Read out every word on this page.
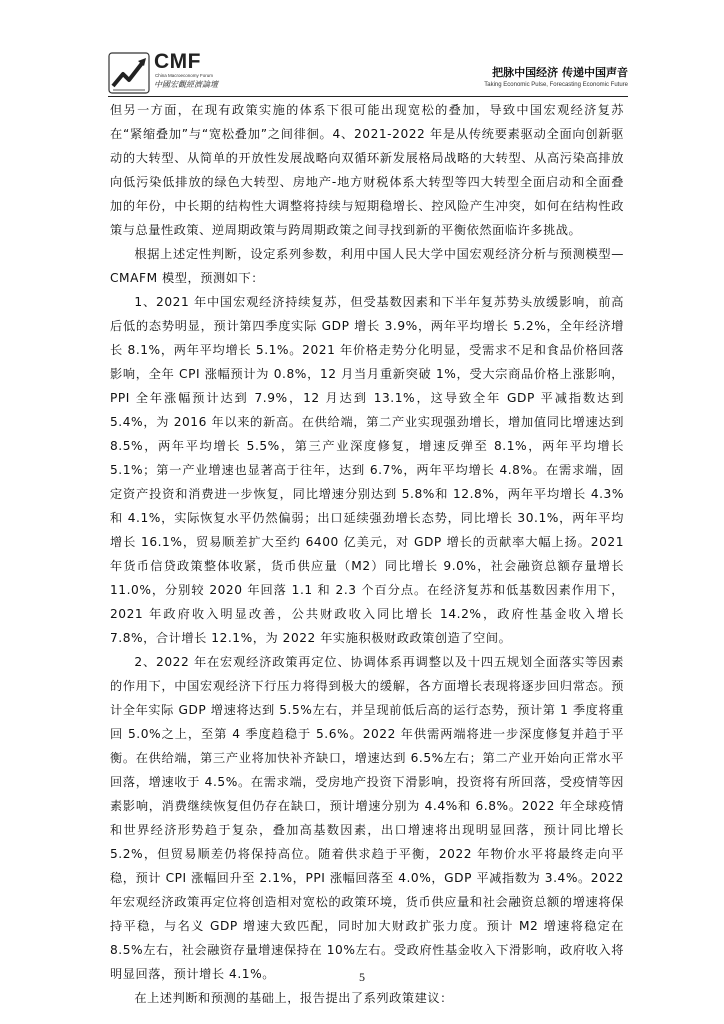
CMF
China Macroeconomy Forum
中國宏觀經濟論壇
把脉中国经济 传递中国声音
Taking Economic Pulse, Forecasting Economic Future

但另一方面，在现有政策实施的体系下很可能出现宽松的叠加，导致中国宏观经济复苏在“紧缩叠加”与“宽松叠加”之间徘徊。4、2021-2022 年是从传统要素驱动全面向创新驱动的大转型、从简单的开放性发展战略向双循环新发展格局战略的大转型、从高污染高排放向低污染低排放的绿色大转型、房地产-地方财税体系大转型等四大转型全面启动和全面叠加的年份，中长期的结构性大调整将持续与短期稳增长、控风险产生冲突，如何在结构性政策与总量性政策、逆周期政策与跨周期政策之间寻找到新的平衡依然面临许多挑战。

根据上述定性判断，设定系列参数，利用中国人民大学中国宏观经济分析与预测模型—CMAFM 模型，预测如下：

1、2021 年中国宏观经济持续复苏，但受基数因素和下半年复苏势头放缓影响，前高后低的态势明显，预计第四季度实际 GDP 增长 3.9%，两年平均增长 5.2%，全年经济增长 8.1%，两年平均增长 5.1%。2021 年价格走势分化明显，受需求不足和食品价格回落影响，全年 CPI 涨幅预计为 0.8%，12 月当月重新突破 1%，受大宗商品价格上涨影响，PPI 全年涨幅预计达到 7.9%，12 月达到 13.1%，这导致全年 GDP 平减指数达到 5.4%，为 2016 年以来的新高。在供给端，第二产业实现强劲增长，增加值同比增速达到 8.5%，两年平均增长 5.5%，第三产业深度修复，增速反弹至 8.1%，两年平均增长 5.1%；第一产业增速也显著高于往年，达到 6.7%，两年平均增长 4.8%。在需求端，固定资产投资和消费进一步恢复，同比增速分别达到 5.8%和 12.8%，两年平均增长 4.3%和 4.1%，实际恢复水平仍然偏弱；出口延续强劲增长态势，同比增长 30.1%，两年平均增长 16.1%，贸易顺差扩大至约 6400 亿美元，对 GDP 增长的贡献率大幅上扬。2021 年货币信贷政策整体收紧，货币供应量（M2）同比增长 9.0%，社会融资总额存量增长 11.0%，分别较 2020 年回落 1.1 和 2.3 个百分点。在经济复苏和低基数因素作用下，2021 年政府收入明显改善，公共财政收入同比增长 14.2%，政府性基金收入增长 7.8%，合计增长 12.1%，为 2022 年实施积极财政政策创造了空间。

2、2022 年在宏观经济政策再定位、协调体系再调整以及十四五规划全面落实等因素的作用下，中国宏观经济下行压力将得到极大的缓解，各方面增长表现将逐步回归常态。预计全年实际 GDP 增速将达到 5.5%左右，并呈现前低后高的运行态势，预计第 1 季度将重回 5.0%之上，至第 4 季度趋稳于 5.6%。2022 年供需两端将进一步深度修复并趋于平衡。在供给端，第三产业将加快补齐缺口，增速达到 6.5%左右；第二产业开始向正常水平回落，增速收于 4.5%。在需求端，受房地产投资下滑影响，投资将有所回落，受疫情等因素影响，消费继续恢复但仍存在缺口，预计增速分别为 4.4%和 6.8%。2022 年全球疫情和世界经济形势趋于复杂，叠加高基数因素，出口增速将出现明显回落，预计同比增长 5.2%，但贸易顺差仍将保持高位。随着供求趋于平衡，2022 年物价水平将最终走向平稳，预计 CPI 涨幅回升至 2.1%，PPI 涨幅回落至 4.0%，GDP 平减指数为 3.4%。2022 年宏观经济政策再定位将创造相对宽松的政策环境，货币供应量和社会融资总额的增速将保持平稳，与名义 GDP 增速大致匹配，同时加大财政扩张力度。预计 M2 增速将稳定在 8.5%左右，社会融资存量增速保持在 10%左右。受政府性基金收入下滑影响，政府收入将明显回落，预计增长 4.1%。

在上述判断和预测的基础上，报告提出了系列政策建议：

5
